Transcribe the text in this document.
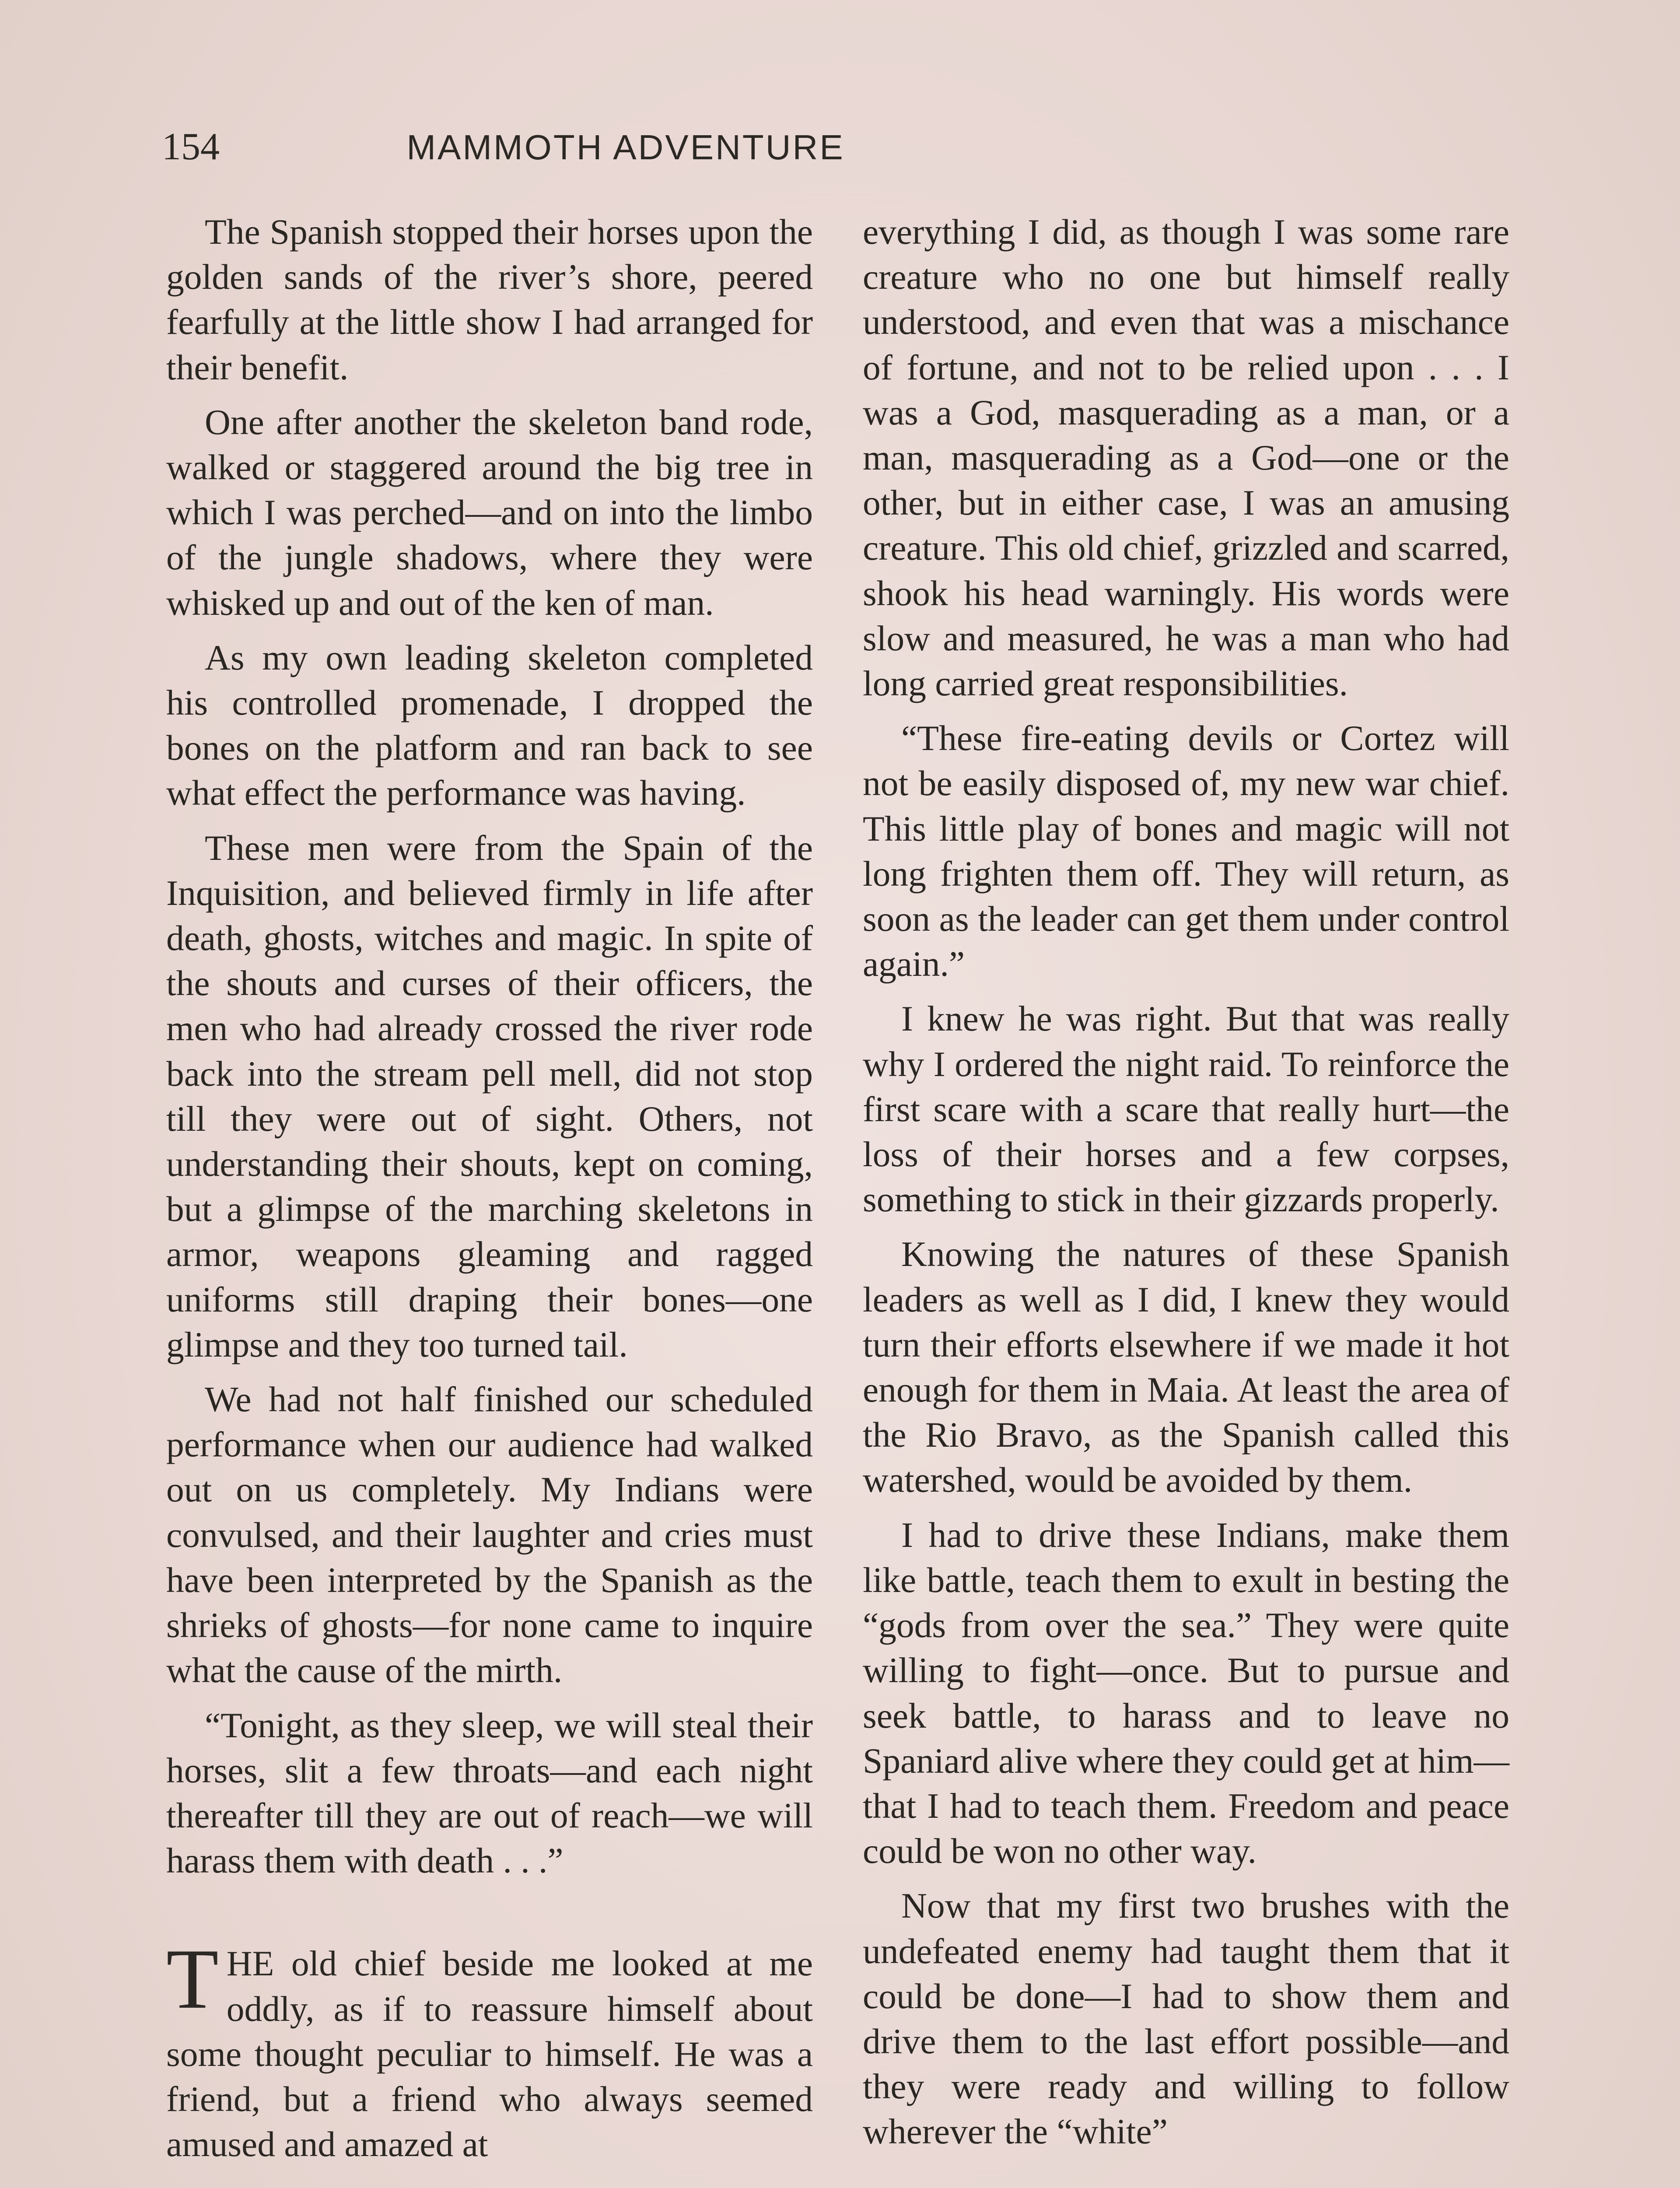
154	MAMMOTH ADVENTURE

The Spanish stopped their horses upon the golden sands of the river’s shore, peered fearfully at the little show I had arranged for their benefit.

One after another the skeleton band rode, walked or staggered around the big tree in which I was perched—and on into the limbo of the jungle shadows, where they were whisked up and out of the ken of man.

As my own leading skeleton completed his controlled promenade, I dropped the bones on the platform and ran back to see what effect the performance was having.

These men were from the Spain of the Inquisition, and believed firmly in life after death, ghosts, witches and magic. In spite of the shouts and curses of their officers, the men who had already crossed the river rode back into the stream pell mell, did not stop till they were out of sight. Others, not understanding their shouts, kept on coming, but a glimpse of the marching skeletons in armor, weapons gleaming and ragged uniforms still draping their bones—one glimpse and they too turned tail.

We had not half finished our scheduled performance when our audience had walked out on us completely. My Indians were convulsed, and their laughter and cries must have been interpreted by the Spanish as the shrieks of ghosts—for none came to inquire what the cause of the mirth.

“Tonight, as they sleep, we will steal their horses, slit a few throats—and each night thereafter till they are out of reach—we will harass them with death . . .”

THE old chief beside me looked at me oddly, as if to reassure himself about some thought peculiar to himself. He was a friend, but a friend who always seemed amused and amazed at

everything I did, as though I was some rare creature who no one but himself really understood, and even that was a mischance of fortune, and not to be relied upon . . . I was a God, masquerading as a man, or a man, masquerading as a God—one or the other, but in either case, I was an amusing creature. This old chief, grizzled and scarred, shook his head warningly. His words were slow and measured, he was a man who had long carried great responsibilities.

“These fire-eating devils or Cortez will not be easily disposed of, my new war chief. This little play of bones and magic will not long frighten them off. They will return, as soon as the leader can get them under control again.”

I knew he was right. But that was really why I ordered the night raid. To reinforce the first scare with a scare that really hurt—the loss of their horses and a few corpses, something to stick in their gizzards properly.

Knowing the natures of these Spanish leaders as well as I did, I knew they would turn their efforts elsewhere if we made it hot enough for them in Maia. At least the area of the Rio Bravo, as the Spanish called this watershed, would be avoided by them.

I had to drive these Indians, make them like battle, teach them to exult in besting the “gods from over the sea.” They were quite willing to fight—once. But to pursue and seek battle, to harass and to leave no Spaniard alive where they could get at him—that I had to teach them. Freedom and peace could be won no other way.

Now that my first two brushes with the undefeated enemy had taught them that it could be done—I had to show them and drive them to the last effort possible—and they were ready and willing to follow wherever the “white”
